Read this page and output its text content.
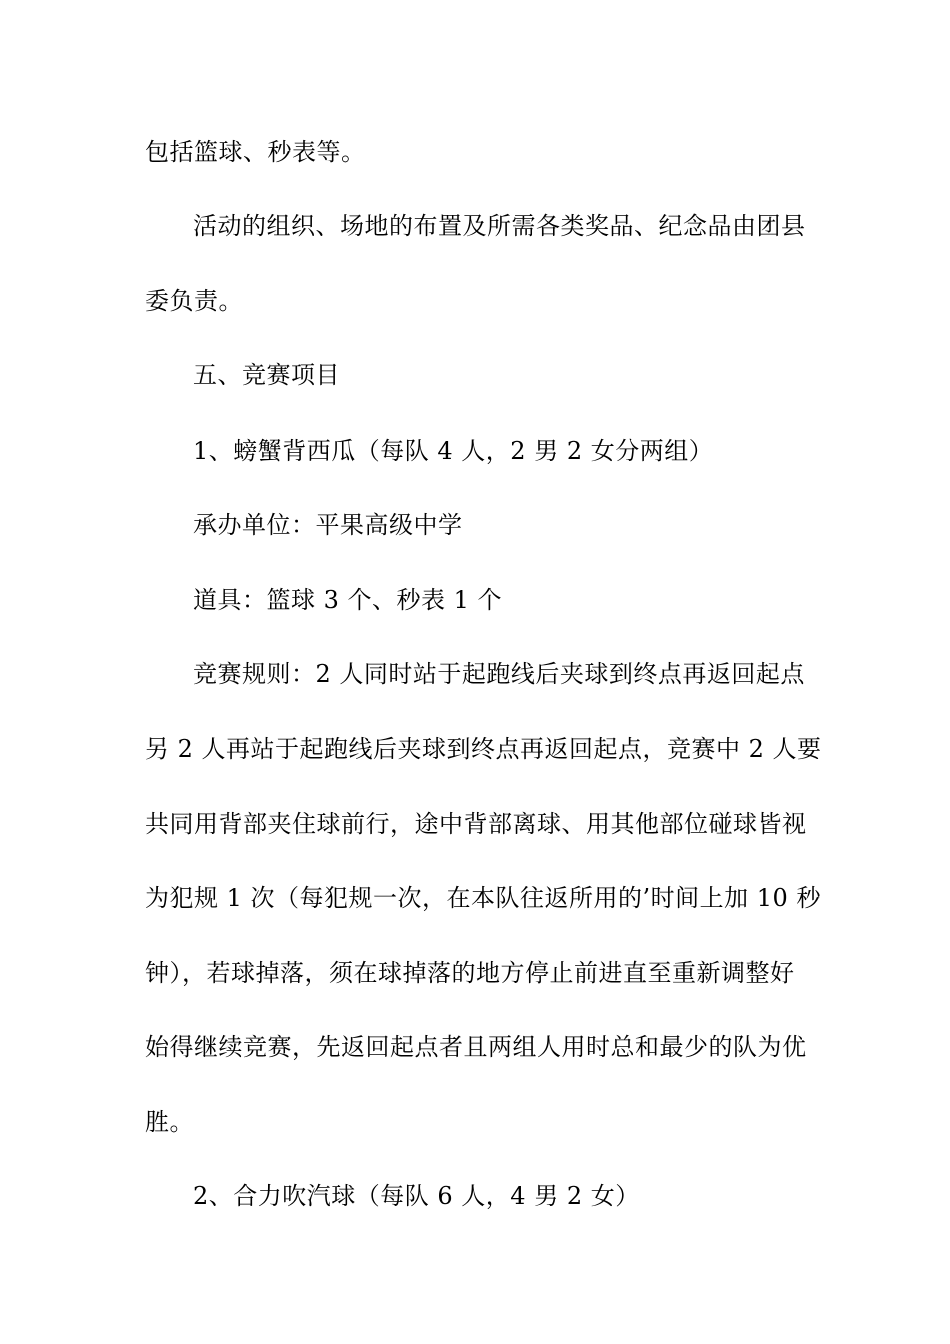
包括篮球、秒表等。
活动的组织、场地的布置及所需各类奖品、纪念品由团县
委负责。
五、竞赛项目
1、螃蟹背西瓜（每队 4 人，2 男 2 女分两组）
承办单位：平果高级中学
道具：篮球 3 个、秒表 1 个
竞赛规则：2 人同时站于起跑线后夹球到终点再返回起点
另 2 人再站于起跑线后夹球到终点再返回起点，竞赛中 2 人要
共同用背部夹住球前行，途中背部离球、用其他部位碰球皆视
为犯规 1 次（每犯规一次，在本队往返所用的’时间上加 10 秒
钟），若球掉落，须在球掉落的地方停止前进直至重新调整好
始得继续竞赛，先返回起点者且两组人用时总和最少的队为优
胜。
2、合力吹汽球（每队 6 人，4 男 2 女）
